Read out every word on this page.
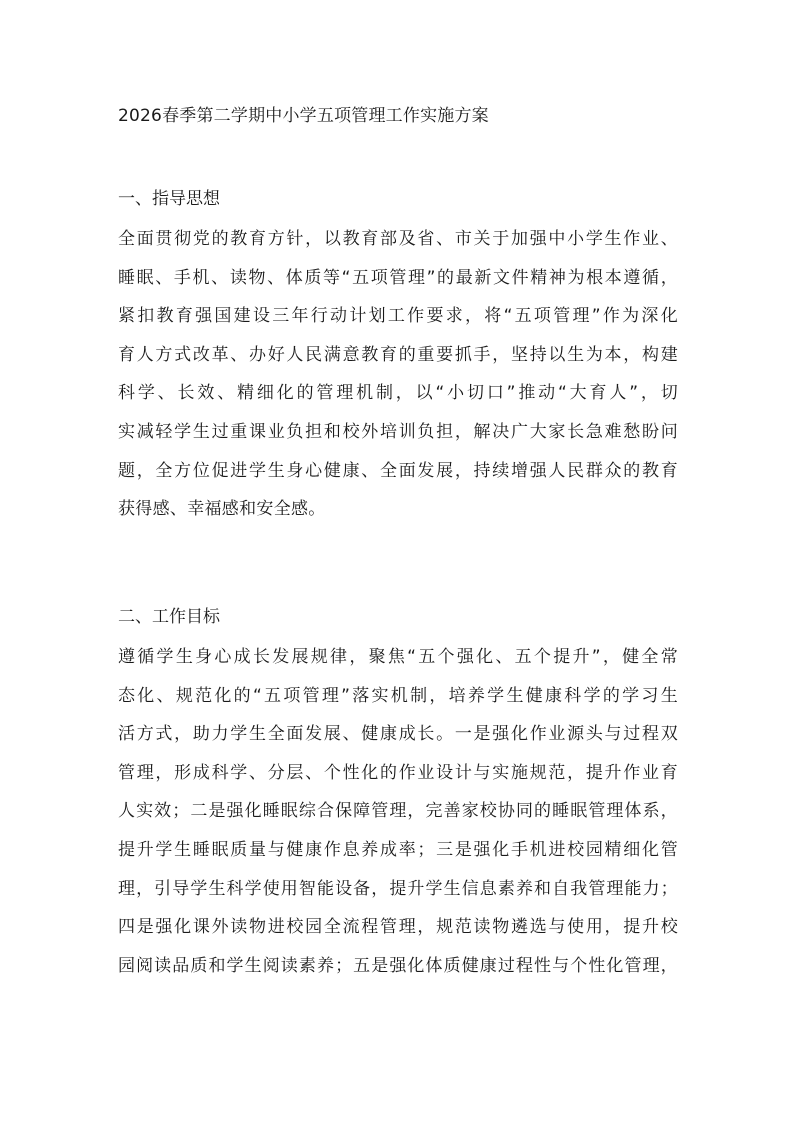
2026春季第二学期中小学五项管理工作实施方案
一、指导思想
全面贯彻党的教育方针，以教育部及省、市关于加强中小学生作业、
睡眠、手机、读物、体质等“五项管理”的最新文件精神为根本遵循，
紧扣教育强国建设三年行动计划工作要求，将“五项管理”作为深化
育人方式改革、办好人民满意教育的重要抓手，坚持以生为本，构建
科学、长效、精细化的管理机制，以“小切口”推动“大育人”，切
实减轻学生过重课业负担和校外培训负担，解决广大家长急难愁盼问
题，全方位促进学生身心健康、全面发展，持续增强人民群众的教育
获得感、幸福感和安全感。
二、工作目标
遵循学生身心成长发展规律，聚焦“五个强化、五个提升”，健全常
态化、规范化的“五项管理”落实机制，培养学生健康科学的学习生
活方式，助力学生全面发展、健康成长。一是强化作业源头与过程双
管理，形成科学、分层、个性化的作业设计与实施规范，提升作业育
人实效；二是强化睡眠综合保障管理，完善家校协同的睡眠管理体系，
提升学生睡眠质量与健康作息养成率；三是强化手机进校园精细化管
理，引导学生科学使用智能设备，提升学生信息素养和自我管理能力；
四是强化课外读物进校园全流程管理，规范读物遴选与使用，提升校
园阅读品质和学生阅读素养；五是强化体质健康过程性与个性化管理，
